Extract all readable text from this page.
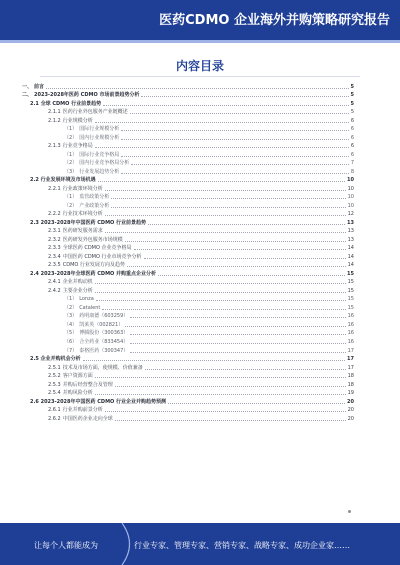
医药CDMO 企业海外并购策略研究报告
内容目录
一、 前言	5
二、 2023-2028年医药 CDMO 市场前景趋势分析	5
2.1 全球 CDMO 行业前景趋势	5
2.1.1 医药行业外包服务产业链概述	5
2.1.2 行业规模分析	6
（1） 国际行业规模分析	6
（2） 国内行业规模分析	6
2.1.3 行业竞争格局	6
（1） 国际行业竞争格局	6
（2） 国内行业竞争格局分析	7
（3） 行业发展趋势分析	8
2.2 行业发展环境及市场机遇	10
2.2.1 行业政策环境分析	10
（1） 监管政策分析	10
（2） 产业政策分析	10
2.2.2 行业技术环境分析	12
2.3 2023-2028年中国医药 CDMO 行业前景趋势	13
2.3.1 医药研发服务需求	13
2.3.2 医药研发外包服务市场规模	13
2.3.3 全球医药 CDMO 企业竞争格局	14
2.3.4 中国医药 CDMO 行业市场竞争分析	14
2.3.5 CDMO 行业发展方向及趋势	14
2.4 2023-2028年全球医药 CDMO 并购重点企业分析	15
2.4.1 企业并购动机	15
2.4.2 主要企业分析	15
（1） Lonza	15
（2） Catalent	15
（3） 药明康德（603259）	16
（4） 凯莱英（002821）	16
（5） 博腾股份（300363）	16
（6） 合全药业（833454）	16
（7） 泰格医药（300347）	17
2.5 企业并购机会分析	17
2.5.1 技术及市场方面，使规模、价值兼备	17
2.5.2 客户资源方面	18
2.5.3 并购后经营整合及管理	18
2.5.4 并购风险分析	19
2.6 2023-2028年中国医药 CDMO 行业企业并购趋势预测	20
2.6.1 行业并购前景分析	20
2.6.2 中国医药企业走向全球	20
让每个人都能成为	行业专家、管理专家、营销专家、战略专家、成功企业家……
